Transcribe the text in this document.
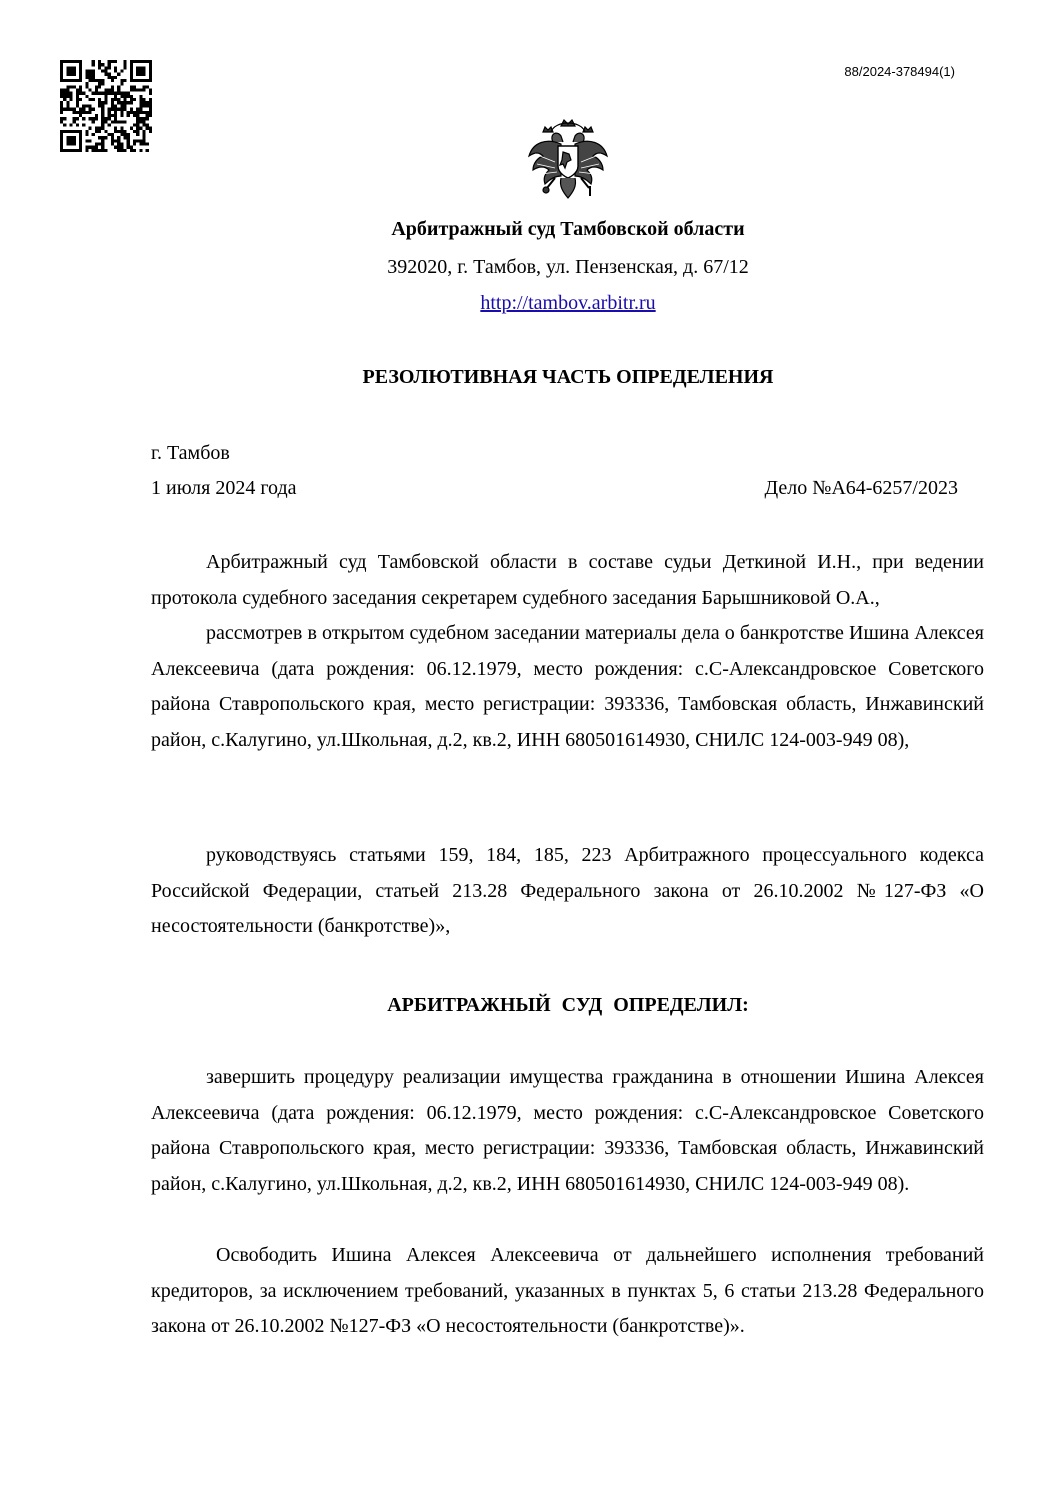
88/2024-378494(1)
Арбитражный суд Тамбовской области
392020, г. Тамбов, ул. Пензенская, д. 67/12
http://tambov.arbitr.ru
РЕЗОЛЮТИВНАЯ ЧАСТЬ ОПРЕДЕЛЕНИЯ
г. Тамбов
1 июля 2024 года	Дело №А64-6257/2023

Арбитражный суд Тамбовской области в составе судьи Деткиной И.Н., при ведении протокола судебного заседания секретарем судебного заседания Барышниковой О.А.,

рассмотрев в открытом судебном заседании материалы дела о банкротстве Ишина Алексея Алексеевича (дата рождения: 06.12.1979, место рождения: с.С-Александровское Советского района Ставропольского края, место регистрации: 393336, Тамбовская область, Инжавинский район, с.Калугино, ул.Школьная, д.2, кв.2, ИНН 680501614930, СНИЛС 124-003-949 08),

руководствуясь статьями 159, 184, 185, 223 Арбитражного процессуального кодекса Российской Федерации, статьей 213.28 Федерального закона от 26.10.2002 №127-ФЗ «О несостоятельности (банкротстве)»,

АРБИТРАЖНЫЙ СУД ОПРЕДЕЛИЛ:

завершить процедуру реализации имущества гражданина в отношении Ишина Алексея Алексеевича (дата рождения: 06.12.1979, место рождения: с.С-Александровское Советского района Ставропольского края, место регистрации: 393336, Тамбовская область, Инжавинский район, с.Калугино, ул.Школьная, д.2, кв.2, ИНН 680501614930, СНИЛС 124-003-949 08).

Освободить Ишина Алексея Алексеевича от дальнейшего исполнения требований кредиторов, за исключением требований, указанных в пунктах 5, 6 статьи 213.28 Федерального закона от 26.10.2002 №127-ФЗ «О несостоятельности (банкротстве)».
